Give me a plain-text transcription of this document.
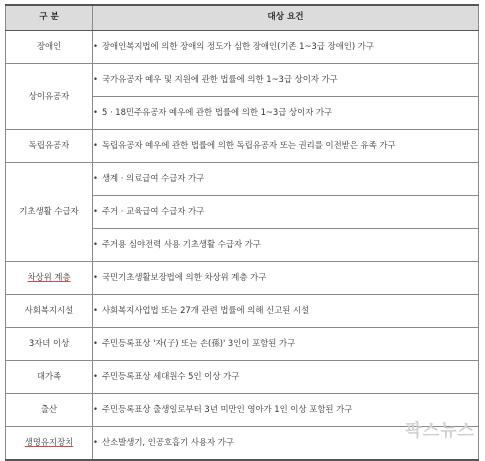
구 분	대상 요건
장애인	• 장애인복지법에 의한 장애의 정도가 심한 장애인(기존 1~3급 장애인) 가구
상이유공자	• 국가유공자 예우 및 지원에 관한 법률에 의한 1~3급 상이자 가구
	• 5 · 18민주유공자 예우에 관한 법률에 의한 1~3급 상이자 가구
독립유공자	• 독립유공자 예우에 관한 법률에 의한 독립유공자 또는 권리를 이전받은 유족 가구
기초생활 수급자	• 생계 · 의료급여 수급자 가구
	• 주거 · 교육급여 수급자 가구
	• 주거용 심야전력 사용 기초생활 수급자 가구
차상위 계층	• 국민기초생활보장법에 의한 차상위 계층 가구
사회복지시설	• 사회복지사업법 또는 27개 관련 법률에 의해 신고된 시설
3자녀 이상	• 주민등록표상 '자(子) 또는 손(孫)' 3인이 포함된 가구
대가족	• 주민등록표상 세대원수 5인 이상 가구
출산	• 주민등록표상 출생일로부터 3년 미만인 영아가 1인 이상 포함된 가구
생명유지장치	• 산소발생기, 인공호흡기 사용자 가구
팍스뉴스
